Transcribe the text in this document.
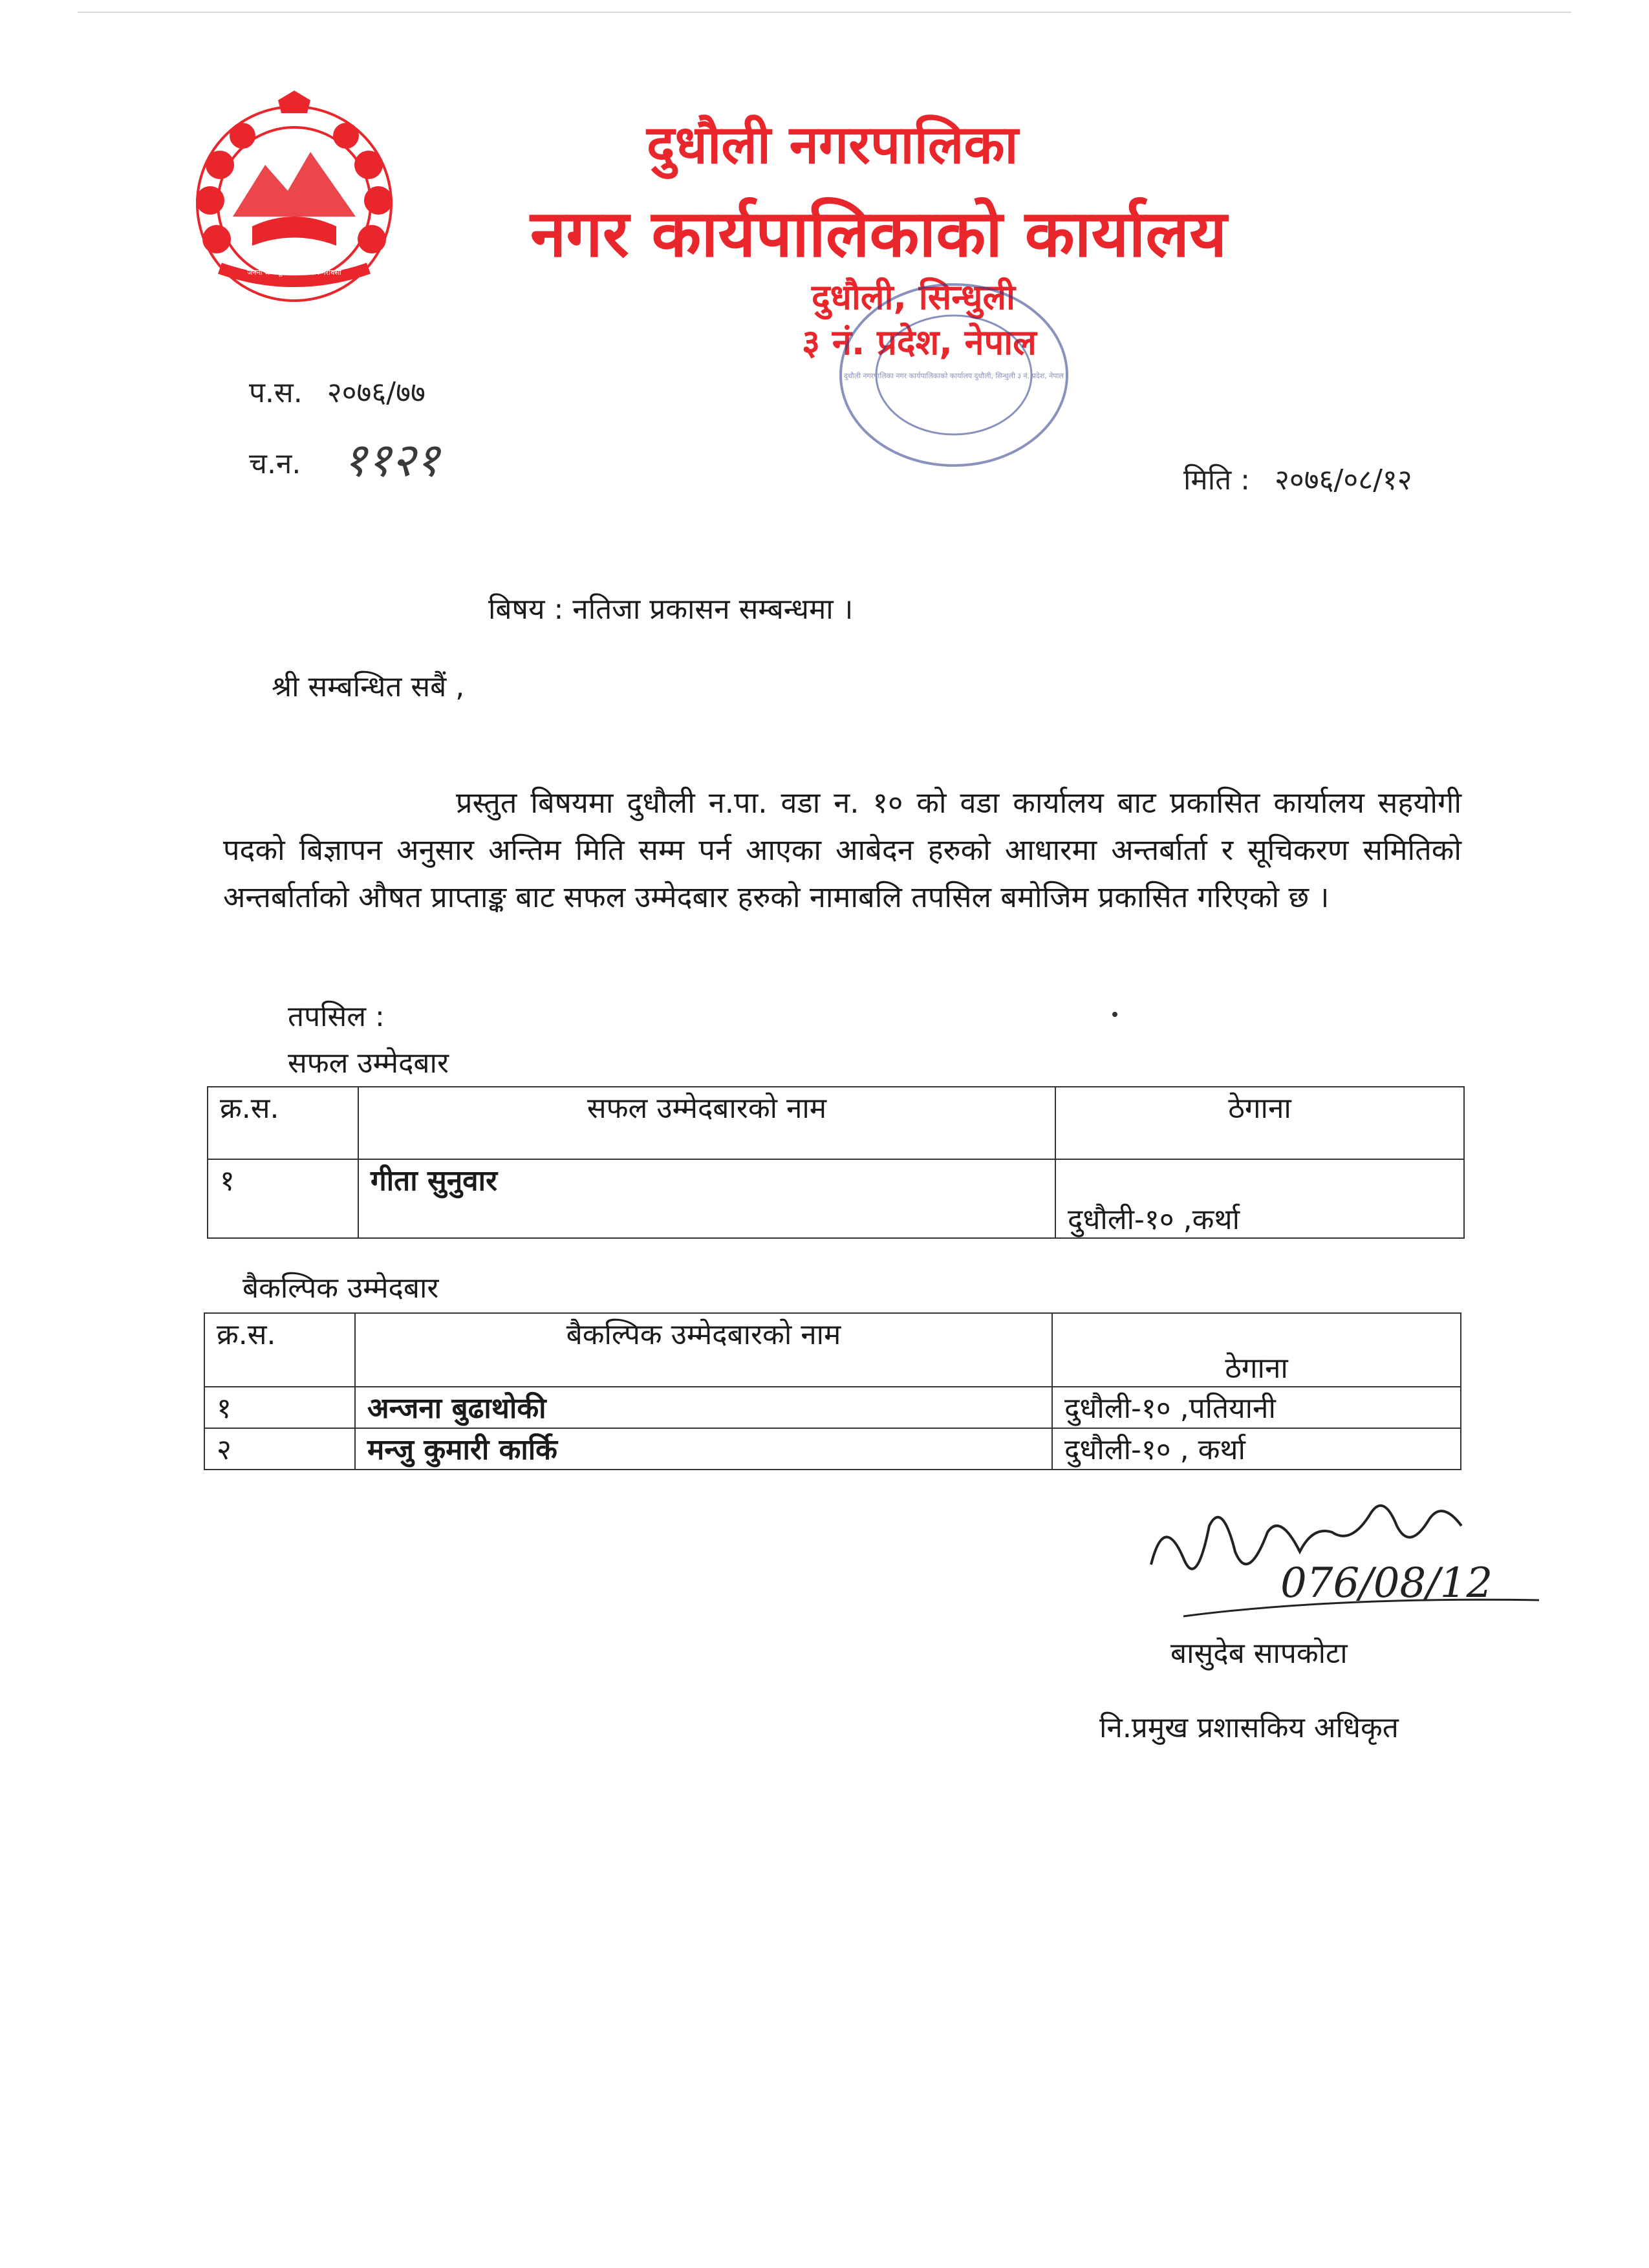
जननी जन्मभूमिश्च स्वर्गादपि गरीयसी
दुधौली नगरपालिका
नगर कार्यपालिकाको कार्यालय
दुधौली, सिन्धुली
३ नं. प्रदेश, नेपाल
दुधौली नगरपालिका नगर कार्यपालिकाको कार्यालय दुधौली, सिन्धुली ३ नं. प्रदेश, नेपाल
प.स. २०७६/७७
च.न. ११२१	मिति : २०७६/०८/१२
बिषय : नतिजा प्रकासन सम्बन्धमा ।
श्री सम्बन्धित सबैं ,
प्रस्तुत बिषयमा दुधौली न.पा. वडा न. १० को वडा कार्यालय बाट प्रकासित कार्यालय सहयोगी पदको बिज्ञापन अनुसार अन्तिम मिति सम्म पर्न आएका आबेदन हरुको आधारमा अन्तर्बार्ता र सूचिकरण समितिको अन्तर्बार्ताको औषत प्राप्ताङ्क बाट सफल उम्मेदबार हरुको नामाबलि तपसिल बमोजिम प्रकासित गरिएको छ ।
तपसिल :
सफल उम्मेदबार
क्र.स.	सफल उम्मेदबारको नाम	ठेगाना
१	गीता सुनुवार	दुधौली-१० ,कर्था
बैकल्पिक उम्मेदबार
क्र.स.	बैकल्पिक उम्मेदबारको नाम	ठेगाना
१	अन्जना बुढाथोकी	दुधौली-१० ,पतियानी
२	मन्जु कुमारी कार्कि	दुधौली-१० , कर्था
076/08/12
बासुदेब सापकोटा
नि.प्रमुख प्रशासकिय अधिकृत
